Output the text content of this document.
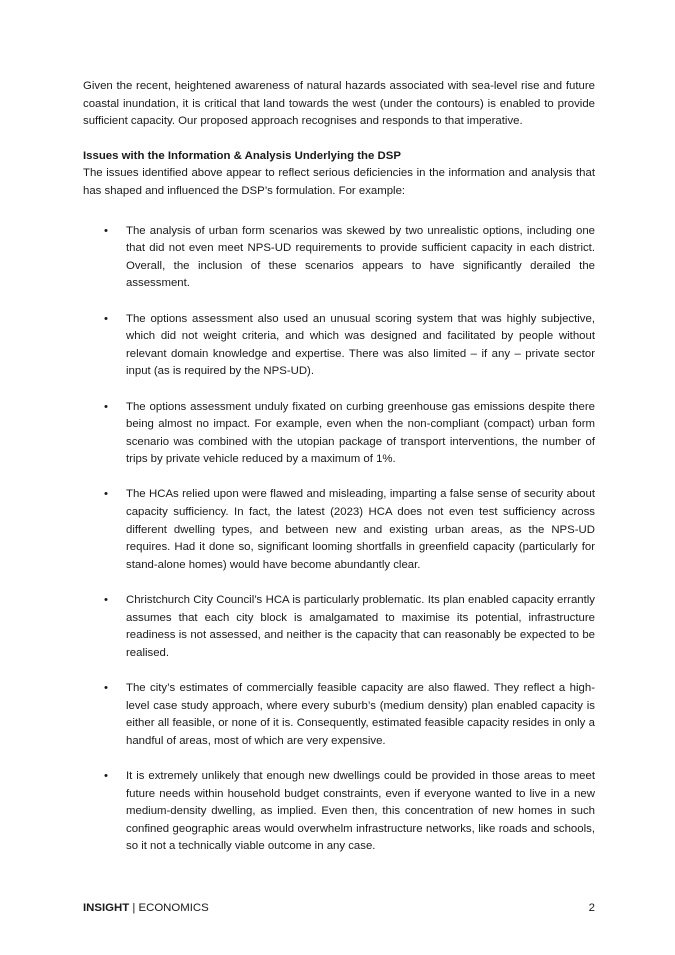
Given the recent, heightened awareness of natural hazards associated with sea-level rise and future coastal inundation, it is critical that land towards the west (under the contours) is enabled to provide sufficient capacity. Our proposed approach recognises and responds to that imperative.

Issues with the Information & Analysis Underlying the DSP

The issues identified above appear to reflect serious deficiencies in the information and analysis that has shaped and influenced the DSP’s formulation. For example:

• The analysis of urban form scenarios was skewed by two unrealistic options, including one that did not even meet NPS-UD requirements to provide sufficient capacity in each district. Overall, the inclusion of these scenarios appears to have significantly derailed the assessment.

• The options assessment also used an unusual scoring system that was highly subjective, which did not weight criteria, and which was designed and facilitated by people without relevant domain knowledge and expertise. There was also limited – if any – private sector input (as is required by the NPS-UD).

• The options assessment unduly fixated on curbing greenhouse gas emissions despite there being almost no impact. For example, even when the non-compliant (compact) urban form scenario was combined with the utopian package of transport interventions, the number of trips by private vehicle reduced by a maximum of 1%.

• The HCAs relied upon were flawed and misleading, imparting a false sense of security about capacity sufficiency. In fact, the latest (2023) HCA does not even test sufficiency across different dwelling types, and between new and existing urban areas, as the NPS-UD requires. Had it done so, significant looming shortfalls in greenfield capacity (particularly for stand-alone homes) would have become abundantly clear.

• Christchurch City Council’s HCA is particularly problematic. Its plan enabled capacity errantly assumes that each city block is amalgamated to maximise its potential, infrastructure readiness is not assessed, and neither is the capacity that can reasonably be expected to be realised.

• The city’s estimates of commercially feasible capacity are also flawed. They reflect a high-level case study approach, where every suburb’s (medium density) plan enabled capacity is either all feasible, or none of it is. Consequently, estimated feasible capacity resides in only a handful of areas, most of which are very expensive.

• It is extremely unlikely that enough new dwellings could be provided in those areas to meet future needs within household budget constraints, even if everyone wanted to live in a new medium-density dwelling, as implied. Even then, this concentration of new homes in such confined geographic areas would overwhelm infrastructure networks, like roads and schools, so it not a technically viable outcome in any case.

INSIGHT | ECONOMICS	2
